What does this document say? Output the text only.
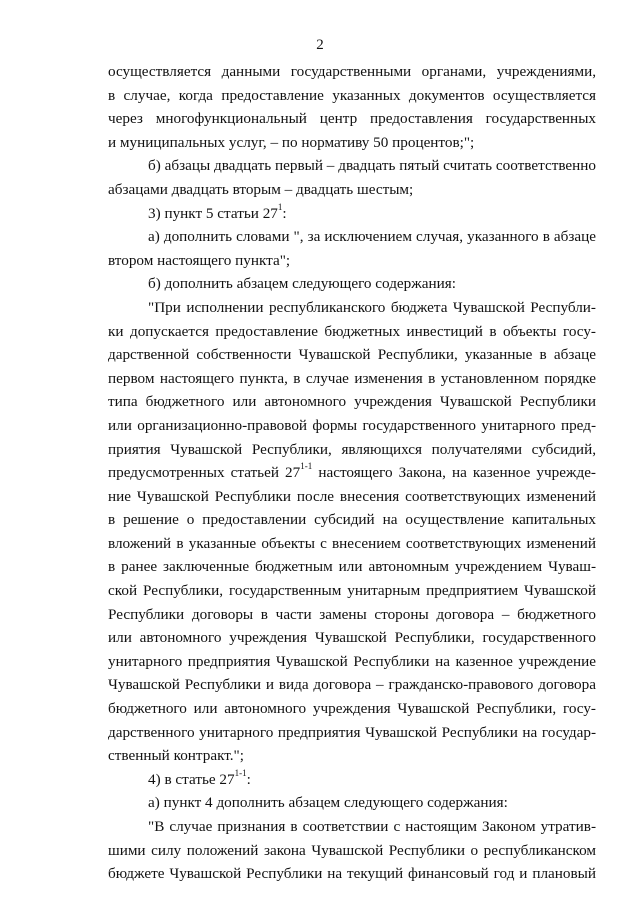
2
осуществляется данными государственными органами, учреждениями,
в случае, когда предоставление указанных документов осуществляется
через многофункциональный центр предоставления государственных
и муниципальных услуг, – по нормативу 50 процентов;";
б) абзацы двадцать первый – двадцать пятый считать соответственно
абзацами двадцать вторым – двадцать шестым;
3) пункт 5 статьи $27^1$:
а) дополнить словами ", за исключением случая, указанного в абзаце
втором настоящего пункта";
б) дополнить абзацем следующего содержания:
"При исполнении республиканского бюджета Чувашской Республи-
ки допускается предоставление бюджетных инвестиций в объекты госу-
дарственной собственности Чувашской Республики, указанные в абзаце
первом настоящего пункта, в случае изменения в установленном порядке
типа бюджетного или автономного учреждения Чувашской Республики
или организационно-правовой формы государственного унитарного пред-
приятия Чувашской Республики, являющихся получателями субсидий,
предусмотренных статьей 27$^{1-1}$ настоящего Закона, на казенное учрежде-
ние Чувашской Республики после внесения соответствующих изменений
в решение о предоставлении субсидий на осуществление капитальных
вложений в указанные объекты с внесением соответствующих изменений
в ранее заключенные бюджетным или автономным учреждением Чуваш-
ской Республики, государственным унитарным предприятием Чувашской
Республики договоры в части замены стороны договора – бюджетного
или автономного учреждения Чувашской Республики, государственного
унитарного предприятия Чувашской Республики на казенное учреждение
Чувашской Республики и вида договора – гражданско-правового договора
бюджетного или автономного учреждения Чувашской Республики, госу-
дарственного унитарного предприятия Чувашской Республики на государ-
ственный контракт.";
4) в статье 27$^{1-1}$:
а) пункт 4 дополнить абзацем следующего содержания:
"В случае признания в соответствии с настоящим Законом утратив-
шими силу положений закона Чувашской Республики о республиканском
бюджете Чувашской Республики на текущий финансовый год и плановый
